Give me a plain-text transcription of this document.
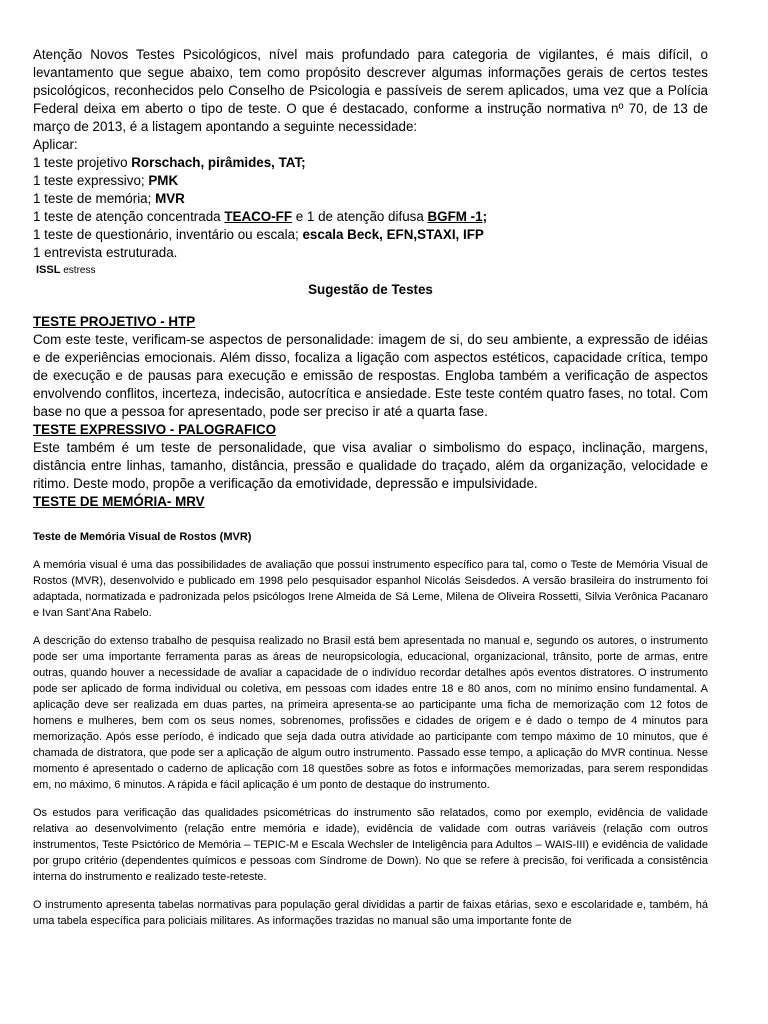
Atenção Novos Testes Psicológicos, nível mais profundado para categoria de vigilantes, é mais difícil, o levantamento que segue abaixo, tem como propósito descrever algumas informações gerais de certos testes psicológicos, reconhecidos pelo Conselho de Psicologia e passíveis de serem aplicados, uma vez que a Polícia Federal deixa em aberto o tipo de teste. O que é destacado, conforme a instrução normativa nº 70, de 13 de março de 2013, é a listagem apontando a seguinte necessidade:

Aplicar:

1 teste projetivo Rorschach, pirâmides, TAT;

1 teste expressivo; PMK

1 teste de memória; MVR

1 teste de atenção concentrada TEACO-FF e 1 de atenção difusa BGFM -1;

1 teste de questionário, inventário ou escala; escala Beck, EFN,STAXI, IFP

1 entrevista estruturada.

ISSL estress

Sugestão de Testes

TESTE PROJETIVO - HTP

Com este teste, verificam-se aspectos de personalidade: imagem de si, do seu ambiente, a expressão de idéias e de experiências emocionais. Além disso, focaliza a ligação com aspectos estéticos, capacidade crítica, tempo de execução e de pausas para execução e emissão de respostas. Engloba também a verificação de aspectos envolvendo conflitos, incerteza, indecisão, autocrítica e ansiedade. Este teste contém quatro fases, no total. Com base no que a pessoa for apresentado, pode ser preciso ir até a quarta fase.

TESTE EXPRESSIVO - PALOGRAFICO

Este também é um teste de personalidade, que visa avaliar o simbolismo do espaço, inclinação, margens, distância entre linhas, tamanho, distância, pressão e qualidade do traçado, além da organização, velocidade e ritimo. Deste modo, propõe a verificação da emotividade, depressão e impulsividade.

TESTE DE MEMÓRIA- MRV

Teste de Memória Visual de Rostos (MVR)

A memória visual é uma das possibilidades de avaliação que possui instrumento específico para tal, como o Teste de Memória Visual de Rostos (MVR), desenvolvido e publicado em 1998 pelo pesquisador espanhol Nicolás Seisdedos. A versão brasileira do instrumento foi adaptada, normatizada e padronizada pelos psicólogos Irene Almeida de Sá Leme, Milena de Oliveira Rossetti, Silvia Verônica Pacanaro e Ivan Sant’Ana Rabelo.

A descrição do extenso trabalho de pesquisa realizado no Brasil está bem apresentada no manual e, segundo os autores, o instrumento pode ser uma importante ferramenta paras as áreas de neuropsicologia, educacional, organizacional, trânsito, porte de armas, entre outras, quando houver a necessidade de avaliar a capacidade de o indivíduo recordar detalhes após eventos distratores. O instrumento pode ser aplicado de forma individual ou coletiva, em pessoas com idades entre 18 e 80 anos, com no mínimo ensino fundamental. A aplicação deve ser realizada em duas partes, na primeira apresenta-se ao participante uma ficha de memorização com 12 fotos de homens e mulheres, bem com os seus nomes, sobrenomes, profissões e cidades de origem e é dado o tempo de 4 minutos para memorização. Após esse período, é indicado que seja dada outra atividade ao participante com tempo máximo de 10 minutos, que é chamada de distratora, que pode ser a aplicação de algum outro instrumento. Passado esse tempo, a aplicação do MVR continua. Nesse momento é apresentado o caderno de aplicação com 18 questões sobre as fotos e informações memorizadas, para serem respondidas em, no máximo, 6 minutos. A rápida e fácil aplicação é um ponto de destaque do instrumento.

Os estudos para verificação das qualidades psicométricas do instrumento são relatados, como por exemplo, evidência de validade relativa ao desenvolvimento (relação entre memória e idade), evidência de validade com outras variáveis (relação com outros instrumentos, Teste Psictórico de Memória – TEPIC-M e Escala Wechsler de Inteligência para Adultos – WAIS-III) e evidência de validade por grupo critério (dependentes químicos e pessoas com Síndrome de Down). No que se refere à precisão, foi verificada a consistência interna do instrumento e realizado teste-reteste.

O instrumento apresenta tabelas normativas para população geral divididas a partir de faixas etárias, sexo e escolaridade e, também, há uma tabela específica para policiais militares. As informações trazidas no manual são uma importante fonte de
